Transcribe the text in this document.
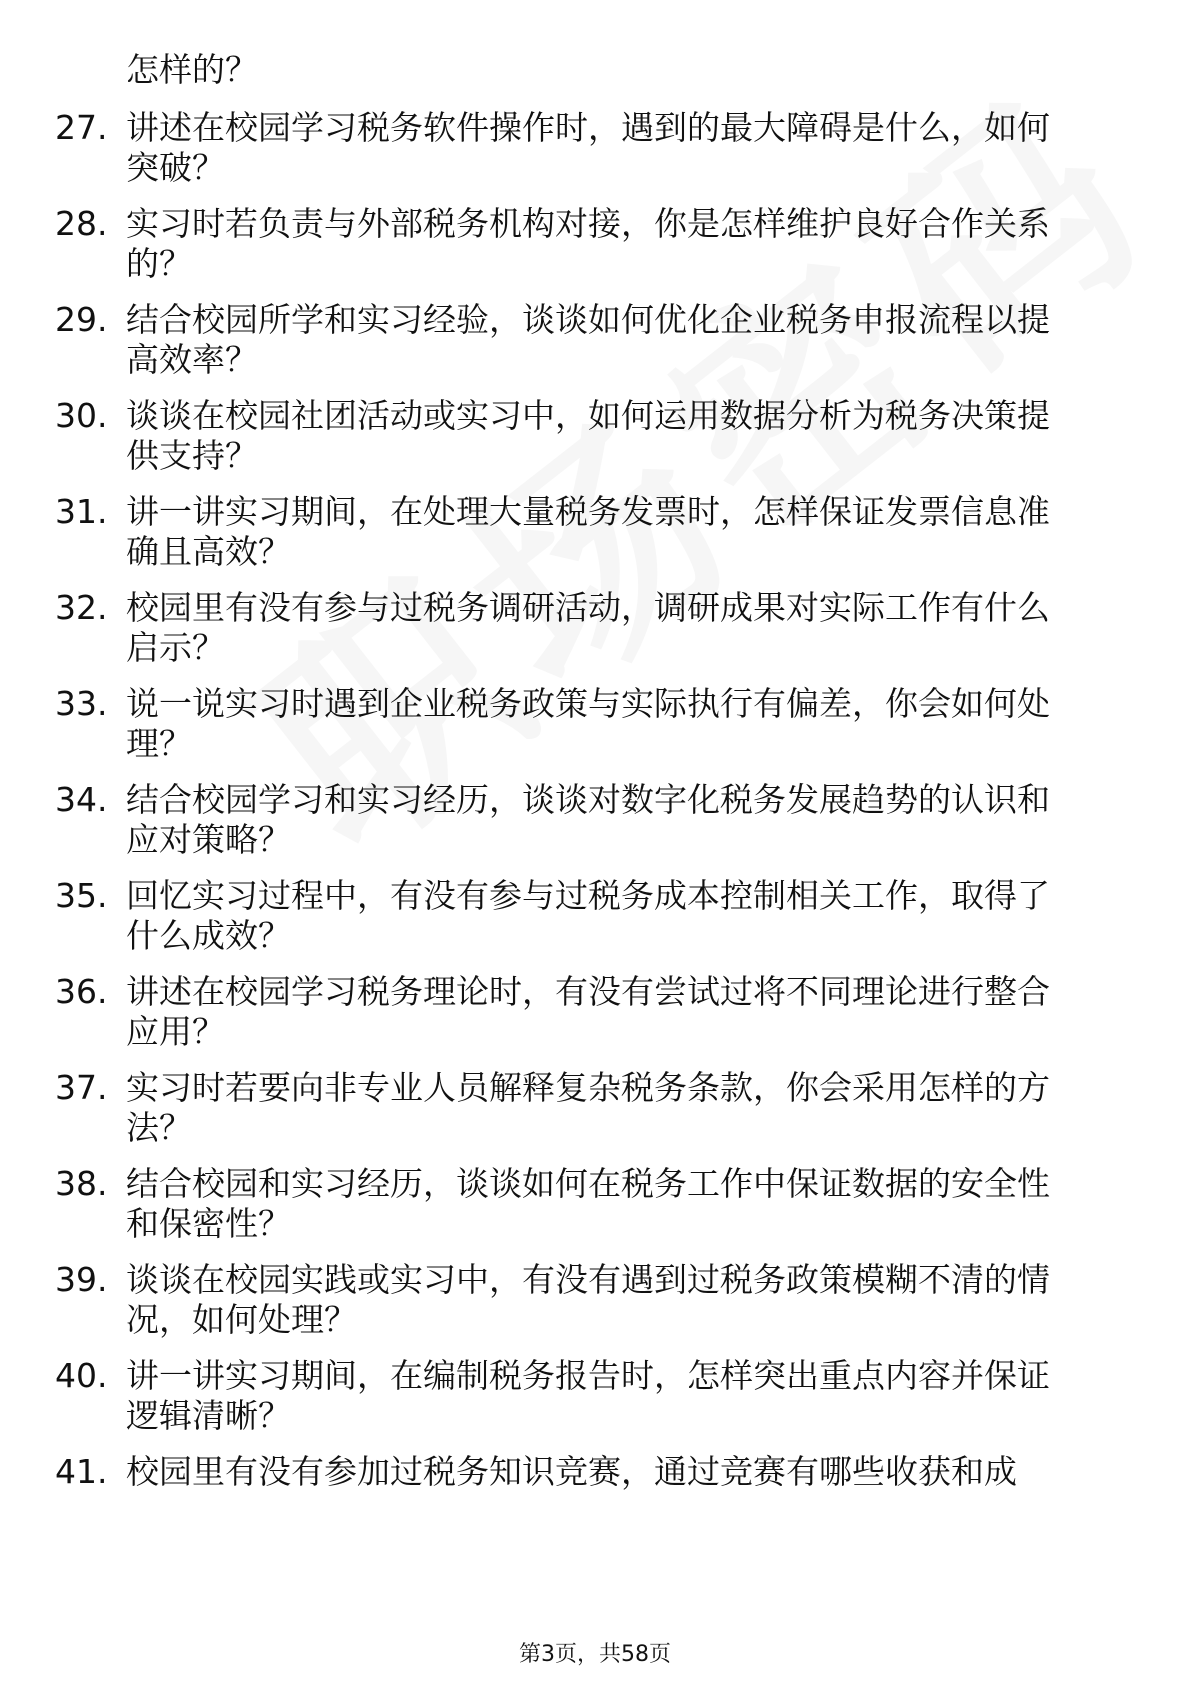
怎样的？

27. 讲述在校园学习税务软件操作时，遇到的最大障碍是什么，如何
突破？
28. 实习时若负责与外部税务机构对接，你是怎样维护良好合作关系
的？
29. 结合校园所学和实习经验，谈谈如何优化企业税务申报流程以提
高效率？
30. 谈谈在校园社团活动或实习中，如何运用数据分析为税务决策提
供支持？
31. 讲一讲实习期间，在处理大量税务发票时，怎样保证发票信息准
确且高效？
32. 校园里有没有参与过税务调研活动，调研成果对实际工作有什么
启示？
33. 说一说实习时遇到企业税务政策与实际执行有偏差，你会如何处
理？
34. 结合校园学习和实习经历，谈谈对数字化税务发展趋势的认识和
应对策略？
35. 回忆实习过程中，有没有参与过税务成本控制相关工作，取得了
什么成效？
36. 讲述在校园学习税务理论时，有没有尝试过将不同理论进行整合
应用？
37. 实习时若要向非专业人员解释复杂税务条款，你会采用怎样的方
法？
38. 结合校园和实习经历，谈谈如何在税务工作中保证数据的安全性
和保密性？
39. 谈谈在校园实践或实习中，有没有遇到过税务政策模糊不清的情
况，如何处理？
40. 讲一讲实习期间，在编制税务报告时，怎样突出重点内容并保证
逻辑清晰？
41. 校园里有没有参加过税务知识竞赛，通过竞赛有哪些收获和成
第3页，共58页
